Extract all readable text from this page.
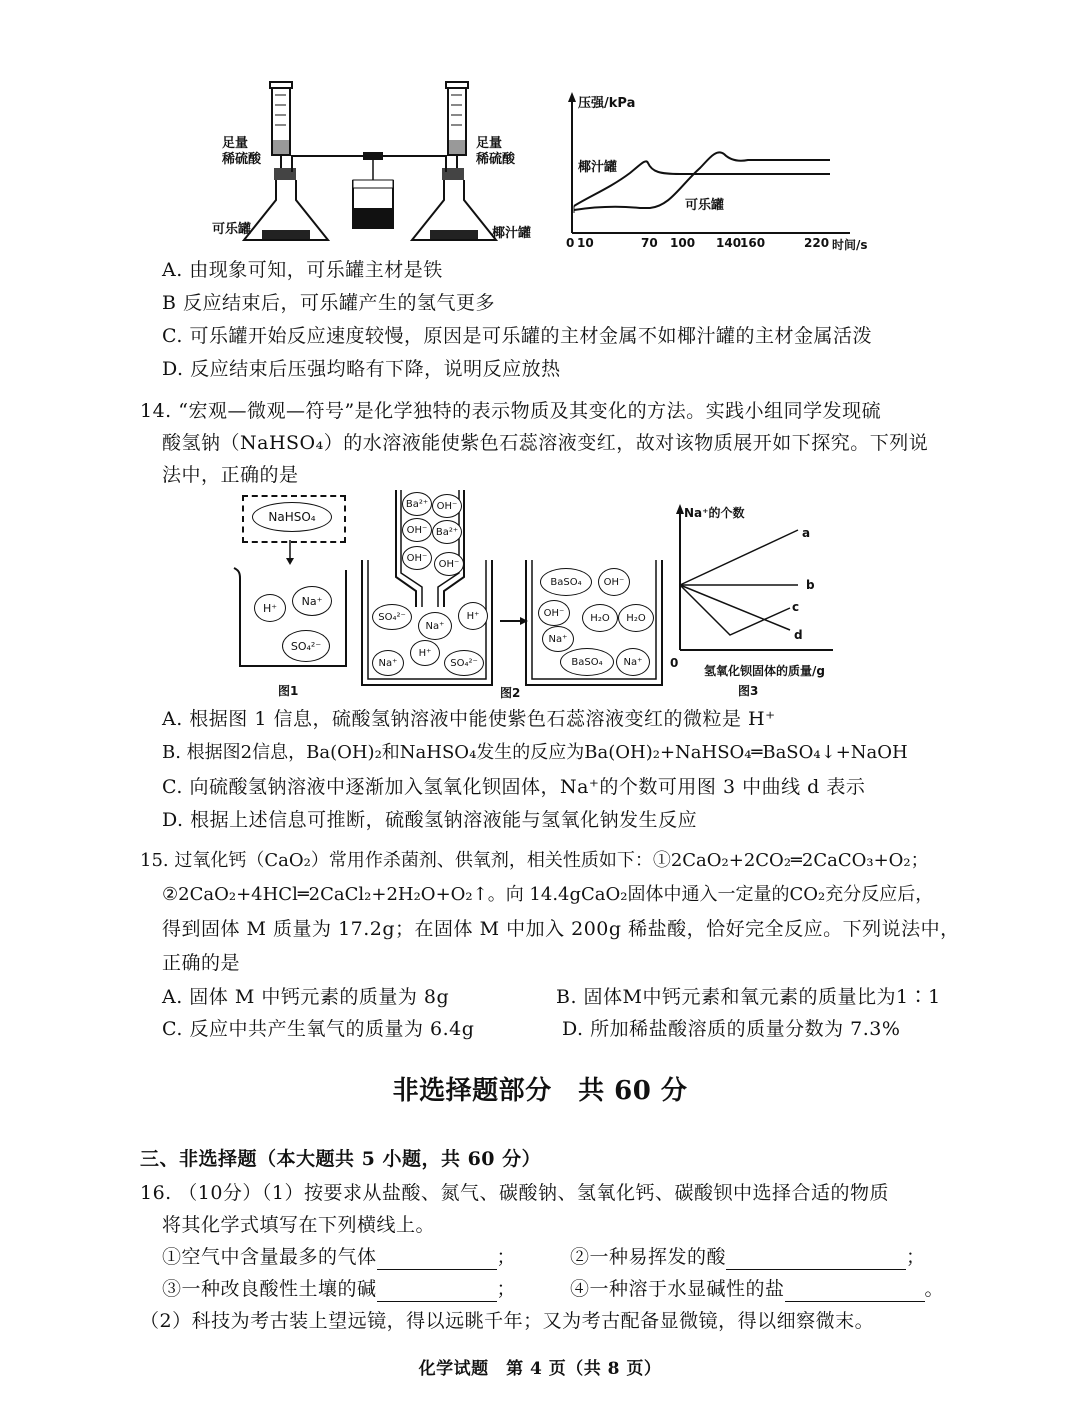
足量
稀硫酸
足量
稀硫酸
可乐罐	椰汁罐
压强/kPa
椰汁罐
可乐罐
0 10	70 100 140
160	220 时间/s
A. 由现象可知，可乐罐主材是铁
B 反应结束后，可乐罐产生的氢气更多
C. 可乐罐开始反应速度较慢，原因是可乐罐的主材金属不如椰汁罐的主材金属活泼
D. 反应结束后压强均略有下降，说明反应放热
14. “宏观—微观—符号”是化学独特的表示物质及其变化的方法。实践小组同学发现硫
酸氢钠（NaHSO₄）的水溶液能使紫色石蕊溶液变红，故对该物质展开如下探究。下列说
法中，正确的是
NaHSO₄
H⁺
Na⁺
SO₄²⁻
图1
Ba²⁺ OH⁻
OH⁻ Ba²⁺
OH⁻
OH⁻
SO₄²⁻
Na⁺
H⁺
H⁺
Na⁺	SO₄²⁻
BaSO₄	OH⁻
OH⁻	H₂O	H₂O
Na⁺
BaSO₄	Na⁺
图2
Na⁺的个数
a
b
c
d
0
氢氧化钡固体的质量/g
图3
A. 根据图 1 信息，硫酸氢钠溶液中能使紫色石蕊溶液变红的微粒是 H⁺
B. 根据图2信息，Ba(OH)₂和NaHSO₄发生的反应为Ba(OH)₂+NaHSO₄═BaSO₄↓+NaOH
C. 向硫酸氢钠溶液中逐渐加入氢氧化钡固体，Na⁺的个数可用图 3 中曲线 d 表示
D. 根据上述信息可推断，硫酸氢钠溶液能与氢氧化钠发生反应
15. 过氧化钙（CaO₂）常用作杀菌剂、供氧剂，相关性质如下：①2CaO₂+2CO₂═2CaCO₃+O₂；
②2CaO₂+4HCl═2CaCl₂+2H₂O+O₂↑。向 14.4gCaO₂固体中通入一定量的CO₂充分反应后，
得到固体 M 质量为 17.2g；在固体 M 中加入 200g 稀盐酸，恰好完全反应。下列说法中，
正确的是
A. 固体 M 中钙元素的质量为 8g	B. 固体M中钙元素和氧元素的质量比为1∶1
C. 反应中共产生氧气的质量为 6.4g	D. 所加稀盐酸溶质的质量分数为 7.3%
非选择题部分　共 60 分
三、非选择题（本大题共 5 小题，共 60 分）
16. （10分）（1）按要求从盐酸、氮气、碳酸钠、氢氧化钙、碳酸钡中选择合适的物质
将其化学式填写在下列横线上。
①空气中含量最多的气体	；	②一种易挥发的酸	；
③一种改良酸性土壤的碱	；	④一种溶于水显碱性的盐	。
（2）科技为考古装上望远镜，得以远眺千年；又为考古配备显微镜，得以细察微末。
化学试题　第 4 页（共 8 页）
